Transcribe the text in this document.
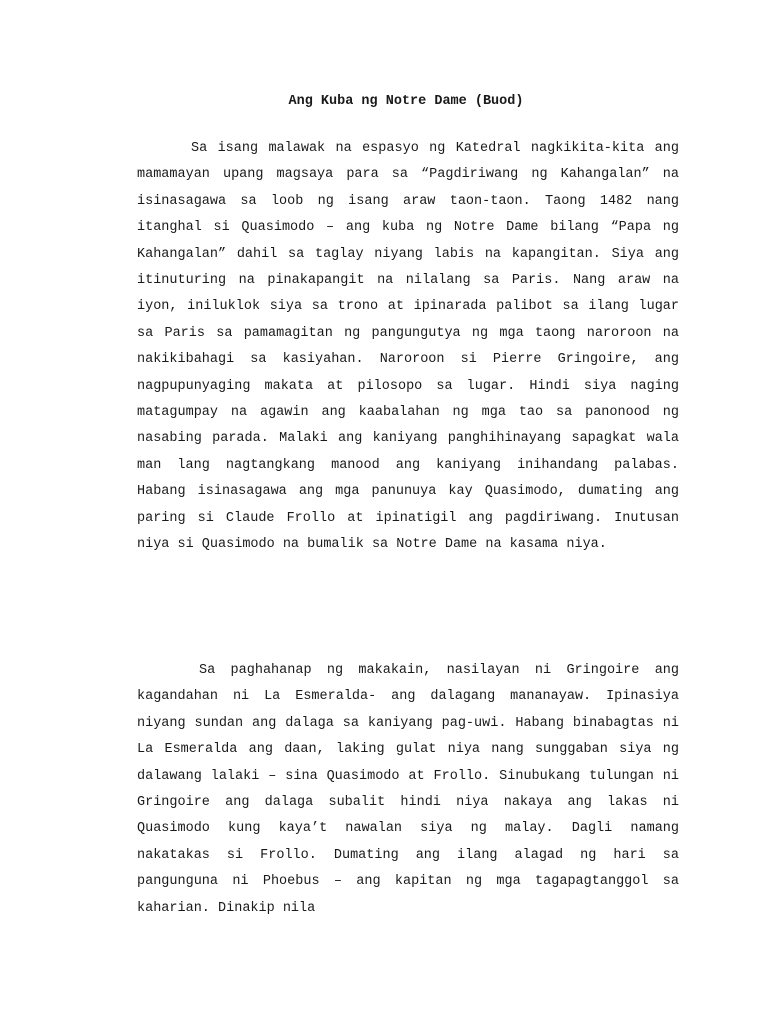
Ang Kuba ng Notre Dame (Buod)

Sa isang malawak na espasyo ng Katedral nagkikita-kita ang mamamayan upang magsaya para sa “Pagdiriwang ng Kahangalan” na isinasagawa sa loob ng isang araw taon-taon. Taong 1482 nang itanghal si Quasimodo – ang kuba ng Notre Dame bilang “Papa ng Kahangalan” dahil sa taglay niyang labis na kapangitan. Siya ang itinuturing na pinakapangit na nilalang sa Paris. Nang araw na iyon, iniluklok siya sa trono at ipinarada palibot sa ilang lugar sa Paris sa pamamagitan ng pangungutya ng mga taong naroroon na nakikibahagi sa kasiyahan. Naroroon si Pierre Gringoire, ang nagpupunyaging makata at pilosopo sa lugar. Hindi siya naging matagumpay na agawin ang kaabalahan ng mga tao sa panonood ng nasabing parada. Malaki ang kaniyang panghihinayang sapagkat wala man lang nagtangkang manood ang kaniyang inihandang palabas. Habang isinasagawa ang mga panunuya kay Quasimodo, dumating ang paring si Claude Frollo at ipinatigil ang pagdiriwang. Inutusan niya si Quasimodo na bumalik sa Notre Dame na kasama niya.

Sa paghahanap ng makakain, nasilayan ni Gringoire ang kagandahan ni La Esmeralda- ang dalagang mananayaw. Ipinasiya niyang sundan ang dalaga sa kaniyang pag-uwi. Habang binabagtas ni La Esmeralda ang daan, laking gulat niya nang sunggaban siya ng dalawang lalaki – sina Quasimodo at Frollo. Sinubukang tulungan ni Gringoire ang dalaga subalit hindi niya nakaya ang lakas ni Quasimodo kung kaya’t nawalan siya ng malay. Dagli namang nakatakas si Frollo. Dumating ang ilang alagad ng hari sa pangunguna ni Phoebus – ang kapitan ng mga tagapagtanggol sa kaharian. Dinakip nila
